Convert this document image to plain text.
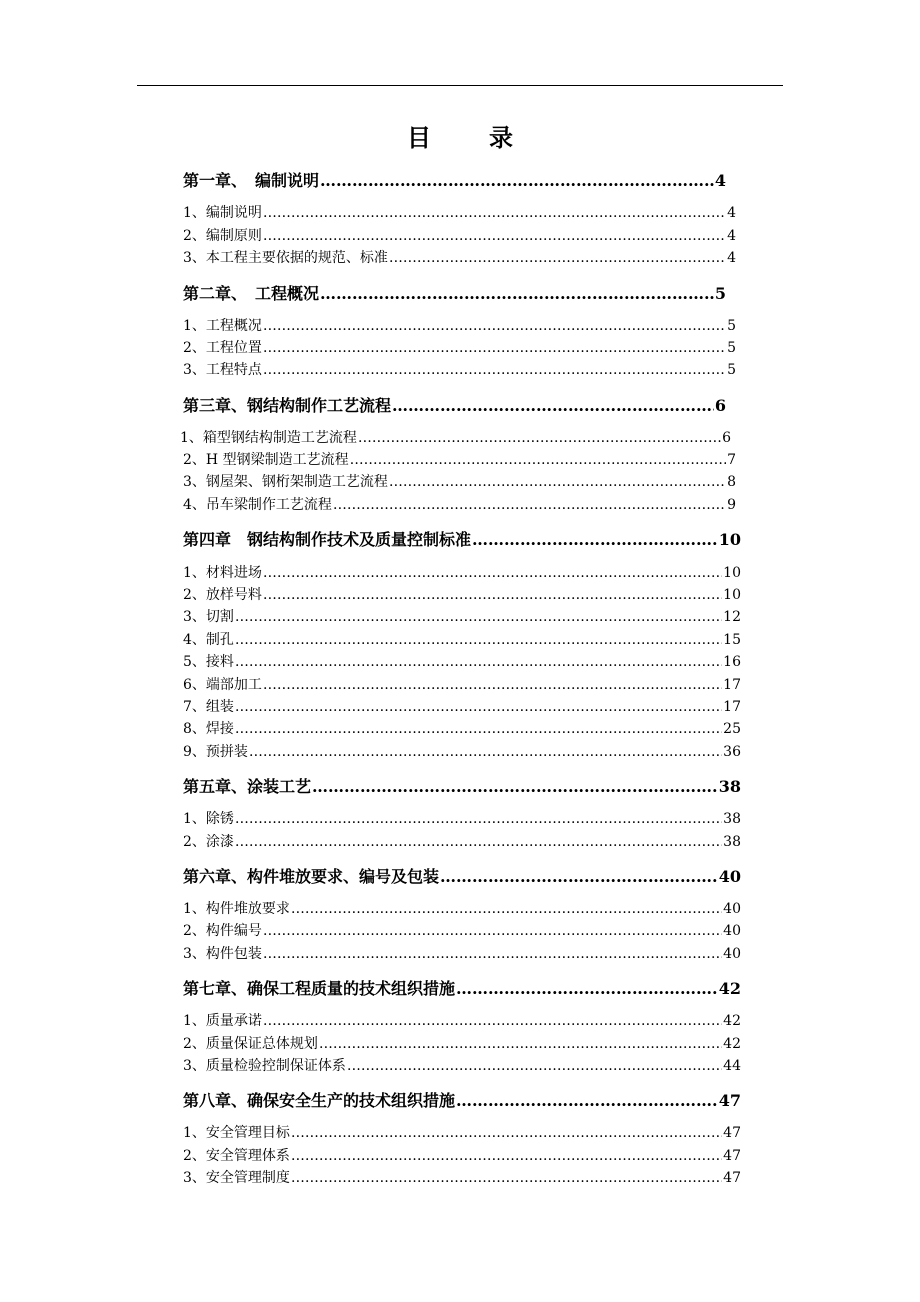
目 录
第一章、　编制说明 …………………………………………………………………………………………………………………………………………………………………………………………………………………	4
1、编制说明 …………………………………………………………………………………………………………………………………………………………………………………………………………………	4
2、编制原则 …………………………………………………………………………………………………………………………………………………………………………………………………………………	4
3、本工程主要依据的规范、标准 …………………………………………………………………………………………………………………………………………………………………………………………………………………	4
第二章、　工程概况 …………………………………………………………………………………………………………………………………………………………………………………………………………………	5
1、工程概况 …………………………………………………………………………………………………………………………………………………………………………………………………………………	5
2、工程位置 …………………………………………………………………………………………………………………………………………………………………………………………………………………	5
3、工程特点 …………………………………………………………………………………………………………………………………………………………………………………………………………………	5
第三章、钢结构制作工艺流程 …………………………………………………………………………………………………………………………………………………………………………………………………………………	6
1、箱型钢结构制造工艺流程 …………………………………………………………………………………………………………………………………………………………………………………………………………………	6
2、H 型钢梁制造工艺流程 …………………………………………………………………………………………………………………………………………………………………………………………………………………	7
3、钢屋架、钢桁架制造工艺流程 …………………………………………………………………………………………………………………………………………………………………………………………………………………	8
4、吊车梁制作工艺流程 …………………………………………………………………………………………………………………………………………………………………………………………………………………	9
第四章　钢结构制作技术及质量控制标准 …………………………………………………………………………………………………………………………………………………………………………………………………………………	10
1、材料进场 …………………………………………………………………………………………………………………………………………………………………………………………………………………	10
2、放样号料 …………………………………………………………………………………………………………………………………………………………………………………………………………………	10
3、切割 …………………………………………………………………………………………………………………………………………………………………………………………………………………	12
4、制孔 …………………………………………………………………………………………………………………………………………………………………………………………………………………	15
5、接料 …………………………………………………………………………………………………………………………………………………………………………………………………………………	16
6、端部加工 …………………………………………………………………………………………………………………………………………………………………………………………………………………	17
7、组装 …………………………………………………………………………………………………………………………………………………………………………………………………………………	17
8、焊接 …………………………………………………………………………………………………………………………………………………………………………………………………………………	25
9、预拼装 …………………………………………………………………………………………………………………………………………………………………………………………………………………	36
第五章、涂装工艺 …………………………………………………………………………………………………………………………………………………………………………………………………………………	38
1、除锈 …………………………………………………………………………………………………………………………………………………………………………………………………………………	38
2、涂漆 …………………………………………………………………………………………………………………………………………………………………………………………………………………	38
第六章、构件堆放要求、编号及包装 …………………………………………………………………………………………………………………………………………………………………………………………………………………	40
1、构件堆放要求 …………………………………………………………………………………………………………………………………………………………………………………………………………………	40
2、构件编号 …………………………………………………………………………………………………………………………………………………………………………………………………………………	40
3、构件包装 …………………………………………………………………………………………………………………………………………………………………………………………………………………	40
第七章、确保工程质量的技术组织措施 …………………………………………………………………………………………………………………………………………………………………………………………………………………	42
1、质量承诺 …………………………………………………………………………………………………………………………………………………………………………………………………………………	42
2、质量保证总体规划 …………………………………………………………………………………………………………………………………………………………………………………………………………………	42
3、质量检验控制保证体系 …………………………………………………………………………………………………………………………………………………………………………………………………………………	44
第八章、确保安全生产的技术组织措施 …………………………………………………………………………………………………………………………………………………………………………………………………………………	47
1、安全管理目标 …………………………………………………………………………………………………………………………………………………………………………………………………………………	47
2、安全管理体系 …………………………………………………………………………………………………………………………………………………………………………………………………………………	47
3、安全管理制度 …………………………………………………………………………………………………………………………………………………………………………………………………………………	47
